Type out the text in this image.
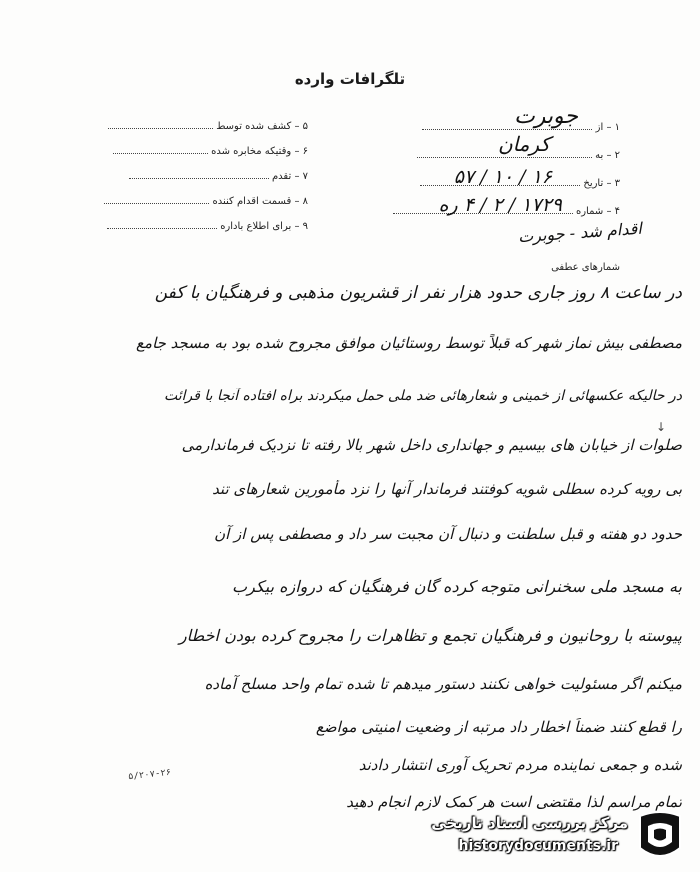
تلگرافات وارده
۵ – کشف شده توسط
۶ – وقتیکه مخابره شده
۷ – تقدم
۸ – قسمت اقدام کننده
۹ – برای اطلاع باداره
۱ – از
جوبرت
۲ – به
کرمان
۳ – تاریخ
۱۶ / ۱۰ / ۵۷
۴ – شماره
۱۷۲۹ / ۲ / ۴ ره
اقدام شد - جوبرت
شمارهای عطفی
در ساعت ۸ روز جاری حدود هزار نفر از قشریون مذهبی و فرهنگیان با کفن
مصطفی بیش نماز شهر که قبلاً توسط روستائیان موافق مجروح شده بود به مسجد جامع
در حالیکه عکسهائی از خمینی و شعارهائی ضد ملی حمل میکردند براه افتاده آنجا با قرائت
صلوات از خیابان های بیسیم و جهانداری داخل شهر بالا رفته تا نزدیک فرماندارمی
بی رویه کرده سطلی شویه کوفتند فرماندار آنها را نزد مأمورین شعارهای تند
حدود دو هفته و قبل سلطنت و دنبال آن مجبت سر داد و مصطفی پس از آن
به مسجد ملی سخنرانی متوجه کرده گان فرهنگیان که دروازه بیکرب
پیوسته با روحانیون و فرهنگیان تجمع و تظاهرات را مجروح کرده بودن اخطار
میکنم اگر مسئولیت خواهی نکنند دستور میدهم تا شده تمام واحد مسلح آماده
را قطع کنند ضمناً اخطار داد مرتبه از وضعیت امنیتی مواضع
شده و جمعی نماینده مردم تحریک آوری انتشار دادند
تمام مراسم لذا مقتضی است هر کمک لازم انجام دهید
↓
۵/۲۰۷-۲۶
مرکز بررسی اسناد تاریخی
historydocuments.ir
